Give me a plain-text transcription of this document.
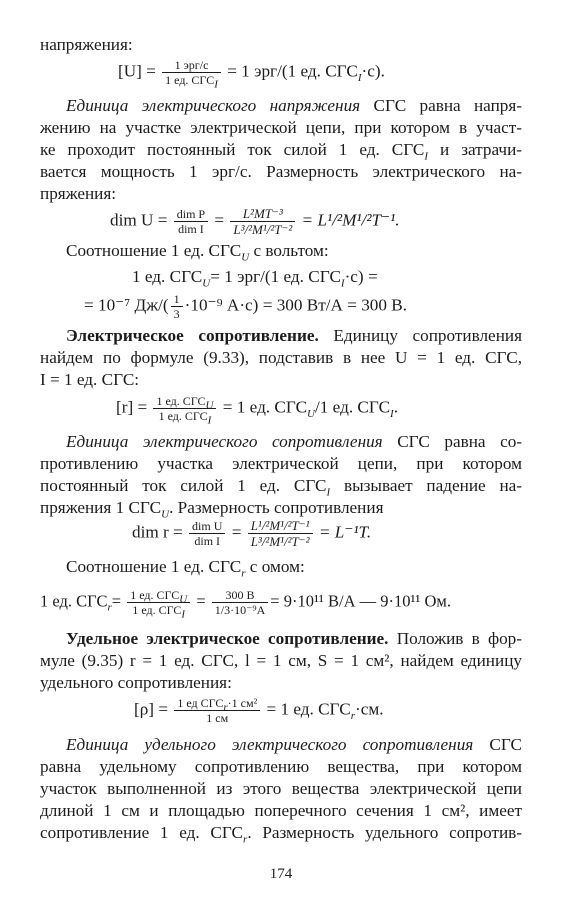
напряжения:
$[U] = \frac{\text{1 эрг/с}}{1 ед. СГС_I} = 1$ эрг/(1 ед. $СГС_I\cdot с$).
Единица электрического напряжения СГС равна напря-
жению на участке электрической цепи, при котором в участ-
ке проходит постоянный ток силой 1 ед. $СГС_I$ и затрачи-
вается мощность 1 эрг/с. Размерность электрического на-
пряжения:
dim $U = \frac{\text{dim P}}{\text{dim I}} = \frac{\text{L²MT⁻³}}{\text{L³/²M¹/²T⁻²}} = L^1/^2M^1/^2T^{-1}$.
Соотношение 1 ед. $СГС_U$ с вольтом:
1 ед. $СГС_U= 1$ эрг/(1 ед. $СГС_I\cdot с$) =
= 10⁻⁷ $Дж/( \frac{1}{3} \cdot 10^{-9}$ А·с) = 300 Вт/А = 300 В.
Электрическое сопротивление. Единицу сопротивления
найдем по формуле (9.33), подставив в нее U = 1 ед. СГС,
I = 1 ед. СГС:
$[r] = \frac{1 ед. СГС_U}{1 ед. СГС_I} = 1$ ед. $СГС_U/1$ ед. $СГС_I$.
Единица электрического сопротивления СГС равна со-
противлению участка электрической цепи, при котором
постоянный ток силой 1 ед. $СГС_I$ вызывает падение на-
пряжения 1 $СГС_U$. Размерность сопротивления
dim $r = \frac{\text{dim U}}{\text{dim I}} = \frac{\text{L¹/²M¹/²T⁻¹}}{\text{L³/²M¹/²T⁻²}} = L^{-1}T$.
Соотношение 1 ед. $СГС_r$ с омом:
1 ед. $СГС_r= \frac{1 ед. СГС_U}{1 ед. СГС_I} = \frac{300 В}{\text{1/3·10⁻⁹А}} = 9\cdot 10^{11}$ В/А — 9·10¹¹ Ом.
Удельное электрическое сопротивление. Положив в фор-
муле (9.35) r = 1 ед. СГС, l = 1 см, S = 1 см², найдем единицу
удельного сопротивления:
$[\rho] = \frac{1 ед СГС_r\cdot 1 см^2}{1 см} = 1$ ед. $СГС_r\cdot см$.
Единица удельного электрического сопротивления СГС
равна удельному сопротивлению вещества, при котором
участок выполненной из этого вещества электрической цепи
длиной 1 см и площадью поперечного сечения 1 см², имеет
сопротивление 1 ед. $СГС_r$. Размерность удельного сопротив-
174
